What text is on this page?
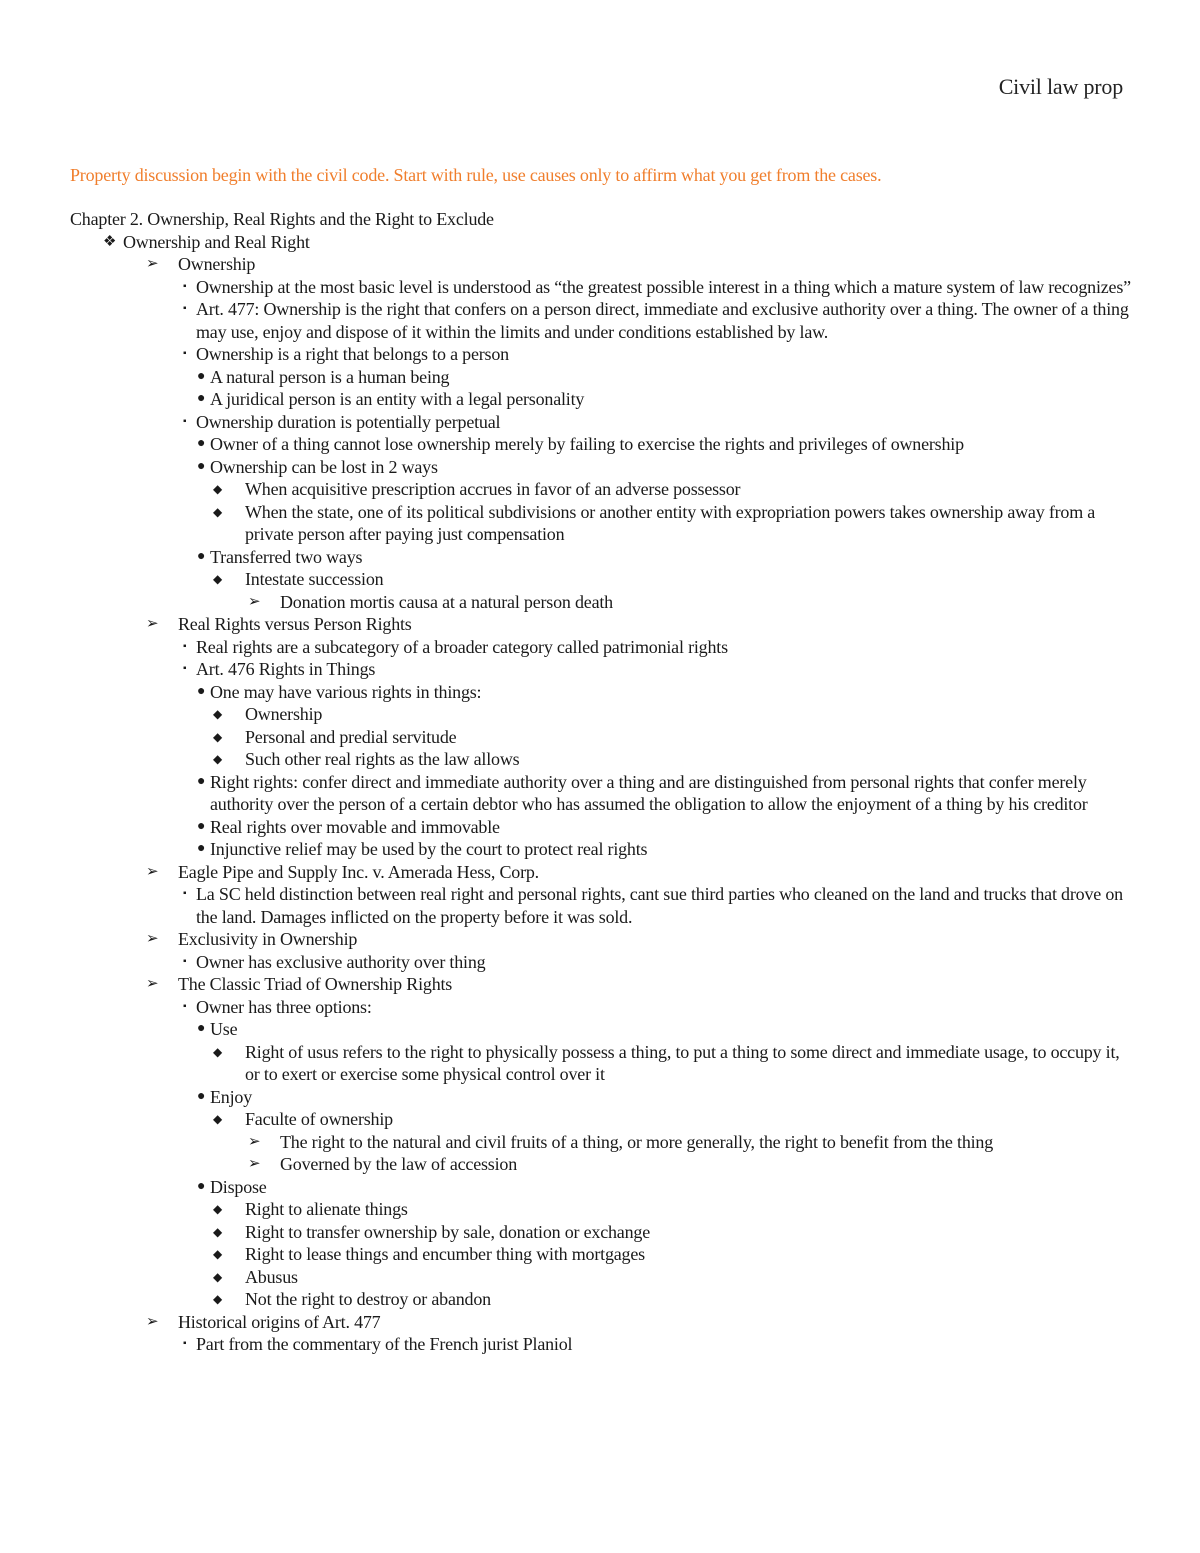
Civil law prop
Property discussion begin with the civil code. Start with rule, use causes only to affirm what you get from the cases.
Chapter 2. Ownership, Real Rights and the Right to Exclude
❖ Ownership and Real Right
➢	Ownership
▪ Ownership at the most basic level is understood as “the greatest possible interest in a thing which a mature system of law recognizes”
▪ Art. 477: Ownership is the right that confers on a person direct, immediate and exclusive authority over a thing. The owner of a thing may use, enjoy and dispose of it within the limits and under conditions established by law.
▪ Ownership is a right that belongs to a person
● A natural person is a human being
● A juridical person is an entity with a legal personality
▪ Ownership duration is potentially perpetual
● Owner of a thing cannot lose ownership merely by failing to exercise the rights and privileges of ownership
● Ownership can be lost in 2 ways
◆	When acquisitive prescription accrues in favor of an adverse possessor
◆	When the state, one of its political subdivisions or another entity with expropriation powers takes ownership away from a private person after paying just compensation
● Transferred two ways
◆	Intestate succession
➢	Donation mortis causa at a natural person death
➢	Real Rights versus Person Rights
▪ Real rights are a subcategory of a broader category called patrimonial rights
▪ Art. 476 Rights in Things
● One may have various rights in things:
◆	Ownership
◆	Personal and predial servitude
◆	Such other real rights as the law allows
● Right rights: confer direct and immediate authority over a thing and are distinguished from personal rights that confer merely authority over the person of a certain debtor who has assumed the obligation to allow the enjoyment of a thing by his creditor
● Real rights over movable and immovable
● Injunctive relief may be used by the court to protect real rights
➢	Eagle Pipe and Supply Inc. v. Amerada Hess, Corp.
▪ La SC held distinction between real right and personal rights, cant sue third parties who cleaned on the land and trucks that drove on the land. Damages inflicted on the property before it was sold.
➢	Exclusivity in Ownership
▪ Owner has exclusive authority over thing
➢	The Classic Triad of Ownership Rights
▪ Owner has three options:
● Use
◆	Right of usus refers to the right to physically possess a thing, to put a thing to some direct and immediate usage, to occupy it, or to exert or exercise some physical control over it
● Enjoy
◆	Faculte of ownership
➢	The right to the natural and civil fruits of a thing, or more generally, the right to benefit from the thing
➢	Governed by the law of accession
● Dispose
◆	Right to alienate things
◆	Right to transfer ownership by sale, donation or exchange
◆	Right to lease things and encumber thing with mortgages
◆	Abusus
◆	Not the right to destroy or abandon
➢	Historical origins of Art. 477
▪ Part from the commentary of the French jurist Planiol
